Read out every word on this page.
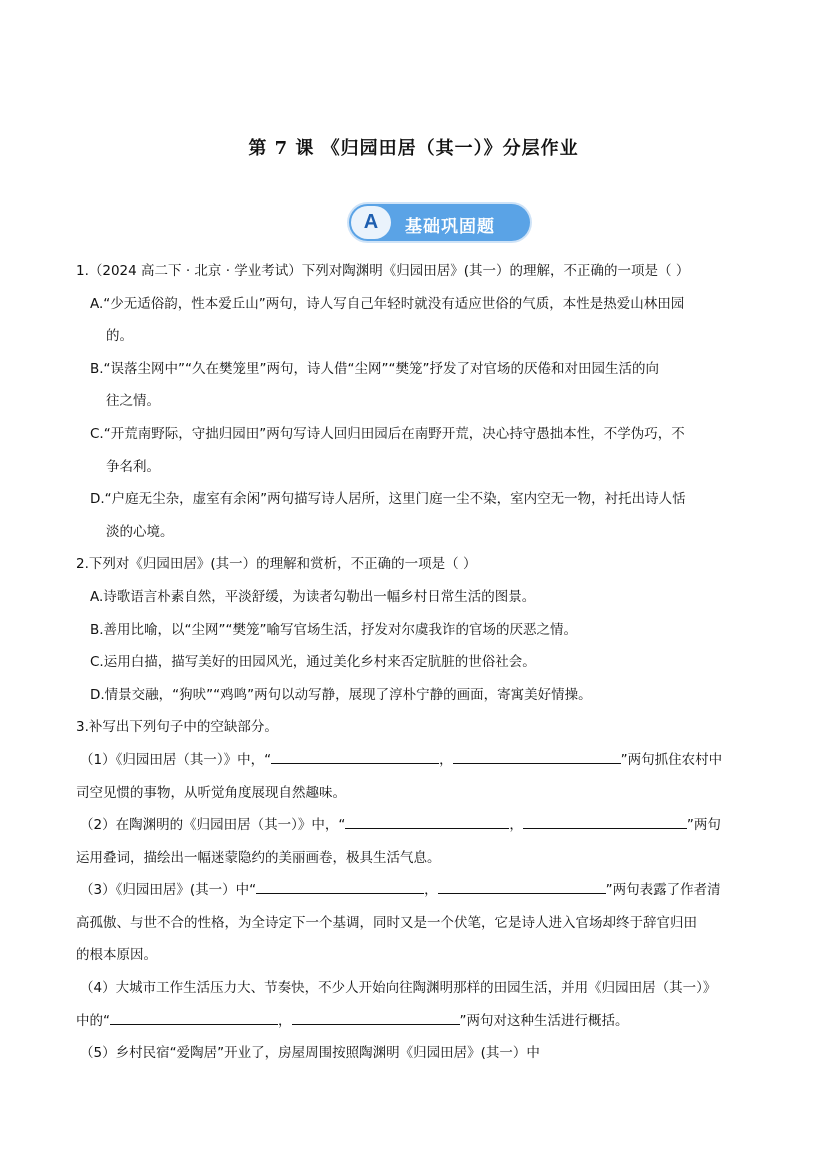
第 7 课 《归园田居（其一）》分层作业
A 基础巩固题
1.（2024 高二下 · 北京 · 学业考试）下列对陶渊明《归园田居》(其一）的理解，不正确的一项是（ ）
A.“少无适俗韵，性本爱丘山”两句，诗人写自己年轻时就没有适应世俗的气质，本性是热爱山林田园
的。
B.“误落尘网中”“久在樊笼里”两句，诗人借“尘网”“樊笼”抒发了对官场的厌倦和对田园生活的向
往之情。
C.“开荒南野际，守拙归园田”两句写诗人回归田园后在南野开荒，决心持守愚拙本性，不学伪巧，不
争名利。
D.“户庭无尘杂，虚室有余闲”两句描写诗人居所，这里门庭一尘不染，室内空无一物，衬托出诗人恬
淡的心境。
2.下列对《归园田居》(其一）的理解和赏析，不正确的一项是（ ）
A.诗歌语言朴素自然，平淡舒缓，为读者勾勒出一幅乡村日常生活的图景。
B.善用比喻，以“尘网”“樊笼”喻写官场生活，抒发对尔虞我诈的官场的厌恶之情。
C.运用白描，描写美好的田园风光，通过美化乡村来否定肮脏的世俗社会。
D.情景交融，“狗吠”“鸡鸣”两句以动写静，展现了淳朴宁静的画面，寄寓美好情操。
3.补写出下列句子中的空缺部分。
（1）《归园田居（其一）》中，“	，	”两句抓住农村中
司空见惯的事物，从听觉角度展现自然趣味。
（2）在陶渊明的《归园田居（其一）》中，“	，	”两句
运用叠词，描绘出一幅迷蒙隐约的美丽画卷，极具生活气息。
（3）《归园田居》(其一）中“	，	”两句表露了作者清
高孤傲、与世不合的性格，为全诗定下一个基调，同时又是一个伏笔，它是诗人进入官场却终于辞官归田
的根本原因。
（4）大城市工作生活压力大、节奏快，不少人开始向往陶渊明那样的田园生活，并用《归园田居（其一）》
中的“	，	”两句对这种生活进行概括。
（5）乡村民宿“爱陶居”开业了，房屋周围按照陶渊明《归园田居》(其一）中
